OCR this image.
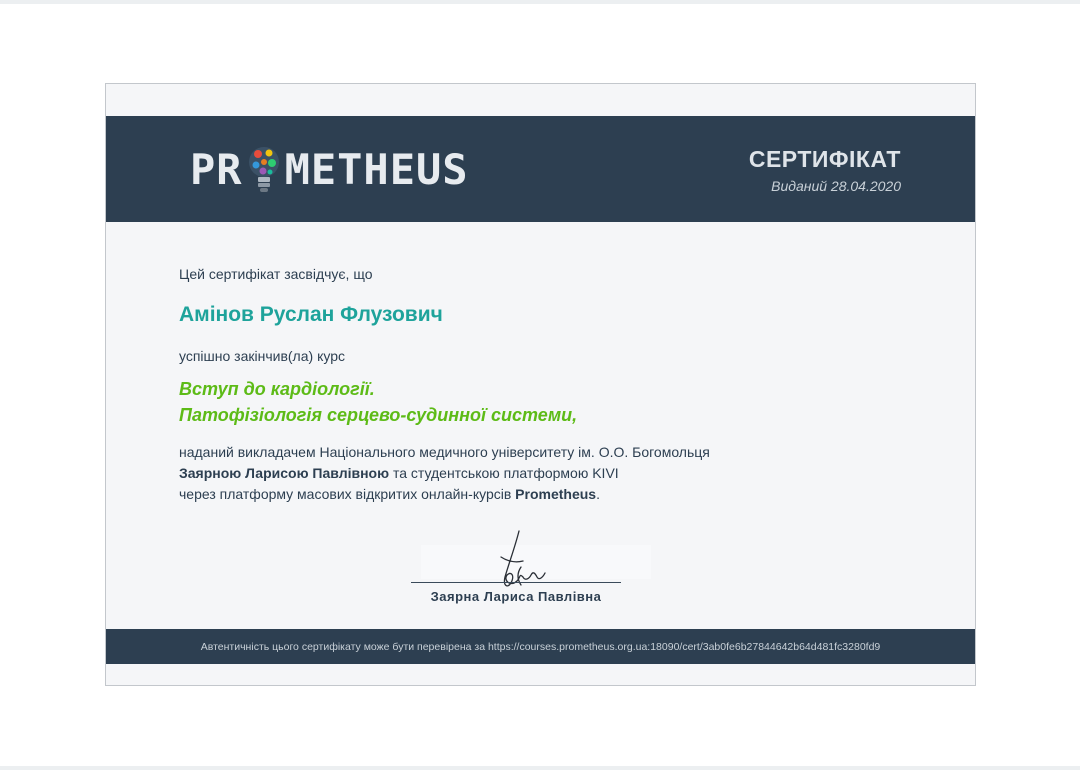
PR METHEUS	СЕРТИФІКАТ
Виданий 28.04.2020
Цей сертифікат засвідчує, що
Амінов Руслан Флузович
успішно закінчив(ла) курс
Вступ до кардіології.
Патофізіологія серцево-судинної системи,
наданий викладачем Національного медичного університету ім. О.О. Богомольця
Заярною Ларисою Павлівною та студентською платформою KIVI
через платформу масових відкритих онлайн-курсів Prometheus.
Заярна Лариса Павлівна
Автентичність цього сертифікату може бути перевірена за https://courses.prometheus.org.ua:18090/cert/3ab0fe6b27844642b64d481fc3280fd9
